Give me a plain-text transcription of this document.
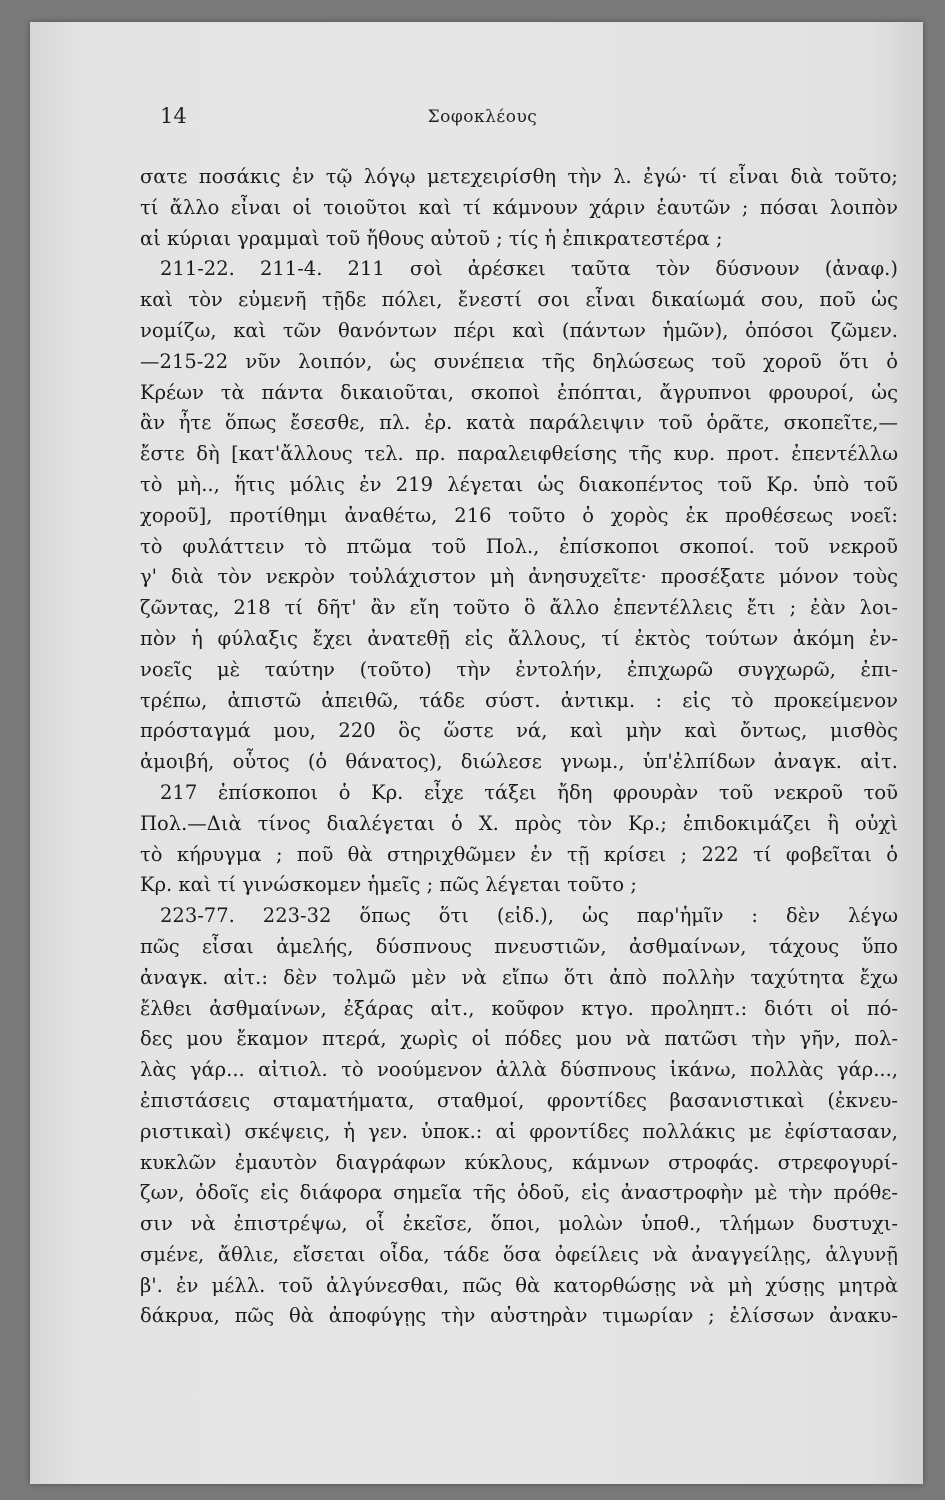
14	Σοφοκλέους
σατε ποσάκις ἐν τῷ λόγῳ μετεχειρίσθη τὴν λ. ἐγώ· τί εἶναι διὰ τοῦτο;
τί ἄλλο εἶναι οἱ τοιοῦτοι καὶ τί κάμνουν χάριν ἑαυτῶν ; πόσαι λοιπὸν
αἱ κύριαι γραμμαὶ τοῦ ἤθους αὐτοῦ ; τίς ἡ ἐπικρατεστέρα ;
211-22. 211-4. 211 σοὶ ἀρέσκει ταῦτα τὸν δύσνουν (ἀναφ.)
καὶ τὸν εὐμενῆ τῇδε πόλει, ἔνεστί σοι εἶναι δικαίωμά σου, ποῦ ὡς
νομίζω, καὶ τῶν θανόντων πέρι καὶ (πάντων ἡμῶν), ὁπόσοι ζῶμεν.
—215-22 νῦν λοιπόν, ὡς συνέπεια τῆς δηλώσεως τοῦ χοροῦ ὅτι ὁ
Κρέων τὰ πάντα δικαιοῦται, σκοποὶ ἐπόπται, ἄγρυπνοι φρουροί, ὡς
ἂν ἦτε ὅπως ἔσεσθε, πλ. ἐρ. κατὰ παράλειψιν τοῦ ὁρᾶτε, σκοπεῖτε,—
ἔστε δὴ [κατ'ἄλλους τελ. πρ. παραλειφθείσης τῆς κυρ. προτ. ἐπεντέλλω
τὸ μὴ.., ἥτις μόλις ἐν 219 λέγεται ὡς διακοπέντος τοῦ Κρ. ὑπὸ τοῦ
χοροῦ], προτίθημι ἀναθέτω, 216 τοῦτο ὁ χορὸς ἐκ προθέσεως νοεῖ:
τὸ φυλάττειν τὸ πτῶμα τοῦ Πολ., ἐπίσκοποι σκοποί. τοῦ νεκροῦ
γ' διὰ τὸν νεκρὸν τοὐλάχιστον μὴ ἀνησυχεῖτε· προσέξατε μόνον τοὺς
ζῶντας, 218 τί δῆτ' ἂν εἴη τοῦτο ὃ ἄλλο ἐπεντέλλεις ἔτι ; ἐὰν λοι-
πὸν ἡ φύλαξις ἔχει ἀνατεθῇ εἰς ἄλλους, τί ἐκτὸς τούτων ἀκόμη ἐν-
νοεῖς μὲ ταύτην (τοῦτο) τὴν ἐντολήν, ἐπιχωρῶ συγχωρῶ, ἐπι-
τρέπω, ἀπιστῶ ἀπειθῶ, τάδε σύστ. ἀντικμ. : εἰς τὸ προκείμενον
πρόσταγμά μου, 220 ὃς ὥστε νά, καὶ μὴν καὶ ὄντως, μισθὸς
ἀμοιβή, οὗτος (ὁ θάνατος), διώλεσε γνωμ., ὑπ'ἐλπίδων ἀναγκ. αἰτ.
217 ἐπίσκοποι ὁ Κρ. εἶχε τάξει ἤδη φρουρὰν τοῦ νεκροῦ τοῦ
Πολ.—Διὰ τίνος διαλέγεται ὁ Χ. πρὸς τὸν Κρ.; ἐπιδοκιμάζει ἢ οὐχὶ
τὸ κήρυγμα ; ποῦ θὰ στηριχθῶμεν ἐν τῇ κρίσει ; 222 τί φοβεῖται ὁ
Κρ. καὶ τί γινώσκομεν ἡμεῖς ; πῶς λέγεται τοῦτο ;
223-77. 223-32 ὅπως ὅτι (εἰδ.), ὡς παρ'ἡμῖν : δὲν λέγω
πῶς εἶσαι ἀμελής, δύσπνους πνευστιῶν, ἀσθμαίνων, τάχους ὕπο
ἀναγκ. αἰτ.: δὲν τολμῶ μὲν νὰ εἴπω ὅτι ἀπὸ πολλὴν ταχύτητα ἔχω
ἔλθει ἀσθμαίνων, ἐξάρας αἰτ., κοῦφον κτγο. προληπτ.: διότι οἱ πό-
δες μου ἔκαμον πτερά, χωρὶς οἱ πόδες μου νὰ πατῶσι τὴν γῆν, πολ-
λὰς γάρ... αἰτιολ. τὸ νοούμενον ἀλλὰ δύσπνους ἱκάνω, πολλὰς γάρ...,
ἐπιστάσεις σταματήματα, σταθμοί, φροντίδες βασανιστικαὶ (ἐκνευ-
ριστικαὶ) σκέψεις, ἡ γεν. ὑποκ.: αἱ φροντίδες πολλάκις με ἐφίστασαν,
κυκλῶν ἐμαυτὸν διαγράφων κύκλους, κάμνων στροφάς. στρεφογυρί-
ζων, ὁδοῖς εἰς διάφορα σημεῖα τῆς ὁδοῦ, εἰς ἀναστροφὴν μὲ τὴν πρόθε-
σιν νὰ ἐπιστρέψω, οἷ ἐκεῖσε, ὅποι, μολὼν ὑποθ., τλήμων δυστυχι-
σμένε, ἄθλιε, εἴσεται οἶδα, τάδε ὅσα ὀφείλεις νὰ ἀναγγείλῃς, ἀλγυνῇ
β'. ἐν μέλλ. τοῦ ἀλγύνεσθαι, πῶς θὰ κατορθώσῃς νὰ μὴ χύσῃς μητρὰ
δάκρυα, πῶς θὰ ἀποφύγῃς τὴν αὐστηρὰν τιμωρίαν ; ἑλίσσων ἀνακυ-
